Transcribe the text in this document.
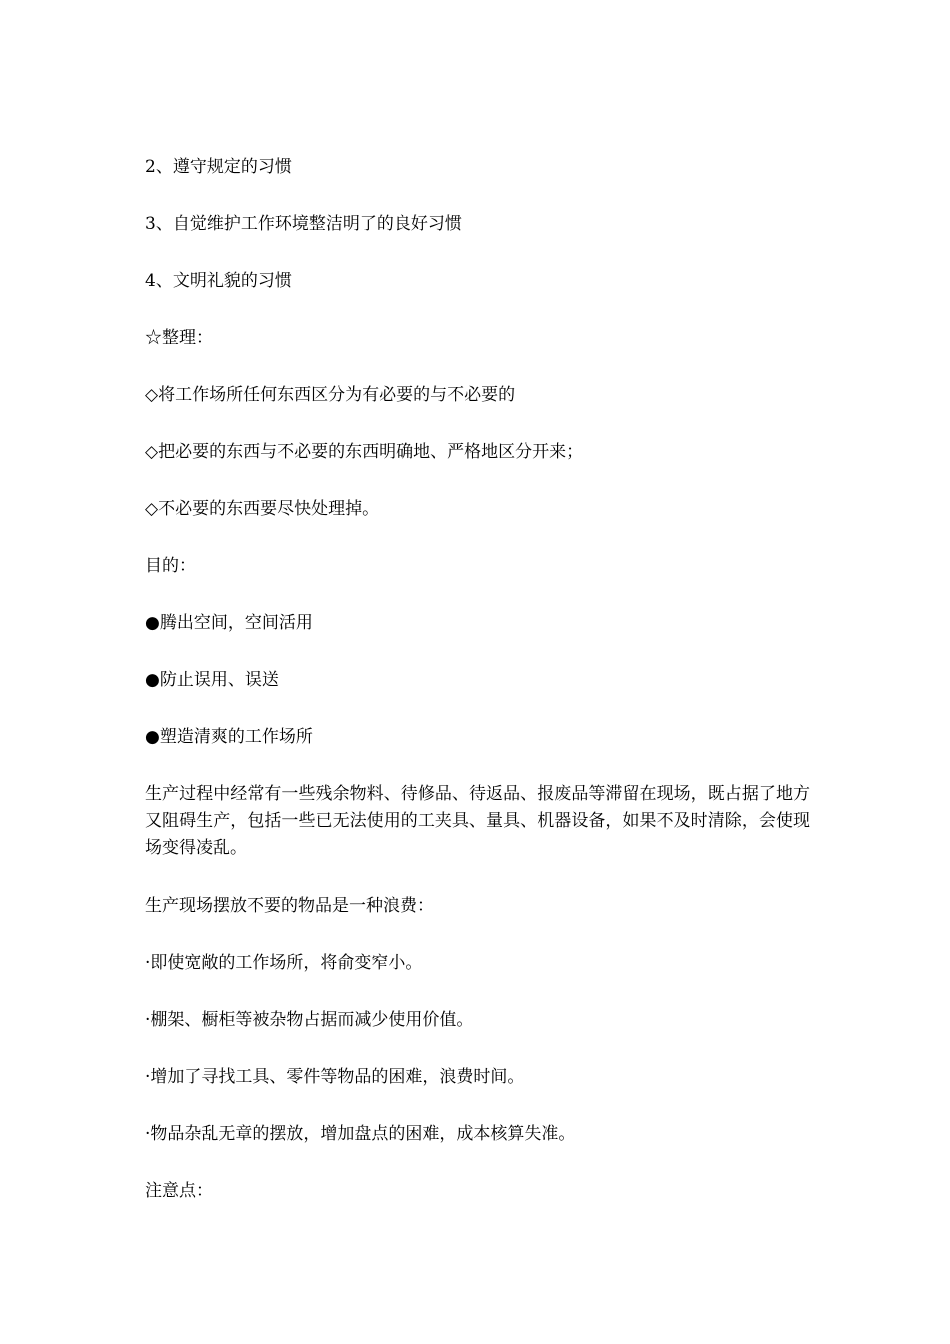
2、遵守规定的习惯

3、自觉维护工作环境整洁明了的良好习惯

4、文明礼貌的习惯

☆整理：

◇将工作场所任何东西区分为有必要的与不必要的

◇把必要的东西与不必要的东西明确地、严格地区分开来；

◇不必要的东西要尽快处理掉。

目的：

●腾出空间，空间活用

●防止误用、误送

●塑造清爽的工作场所

生产过程中经常有一些残余物料、待修品、待返品、报废品等滞留在现场，既占据了地方又阻碍生产，包括一些已无法使用的工夹具、量具、机器设备，如果不及时清除，会使现场变得凌乱。

生产现场摆放不要的物品是一种浪费：

·即使宽敞的工作场所，将俞变窄小。

·棚架、橱柜等被杂物占据而减少使用价值。

·增加了寻找工具、零件等物品的困难，浪费时间。

·物品杂乱无章的摆放，增加盘点的困难，成本核算失准。

注意点：
